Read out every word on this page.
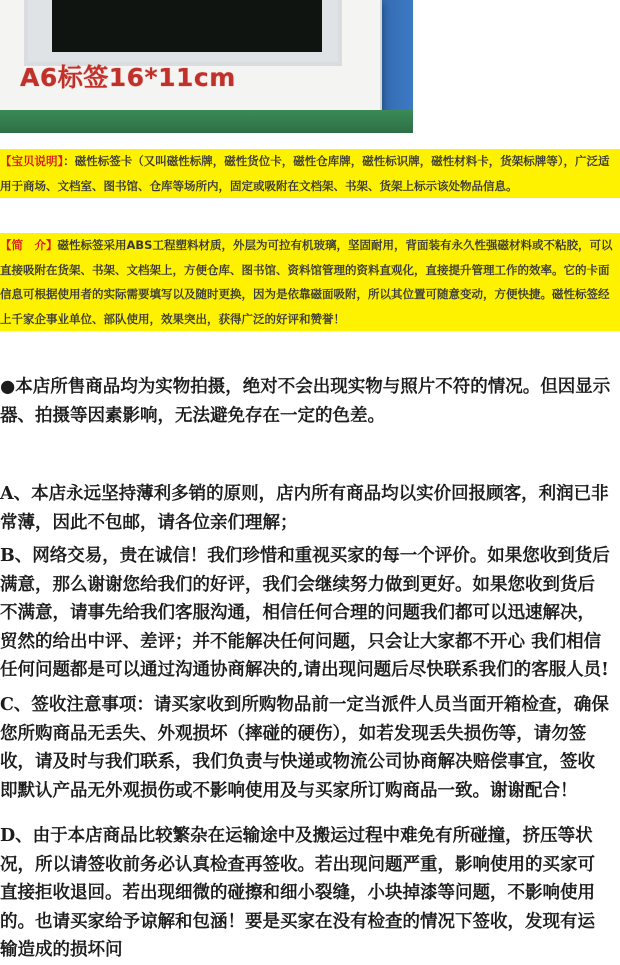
A6标签16*11cm
【宝贝说明】：磁性标签卡（又叫磁性标牌，磁性货位卡，磁性仓库牌，磁性标识牌，磁性材料卡，货架标牌等），广泛适用于商场、文档室、图书馆、仓库等场所内，固定或吸附在文档架、书架、货架上标示该处物品信息。
【简　介】磁性标签采用ABS工程塑料材质，外层为可拉有机玻璃，坚固耐用，背面装有永久性强磁材料或不粘胶，可以直接吸附在货架、书架、文档架上，方便仓库、图书馆、资料馆管理的资料直观化，直接提升管理工作的效率。它的卡面信息可根据使用者的实际需要填写以及随时更换，因为是依靠磁面吸附，所以其位置可随意变动，方便快捷。磁性标签经上千家企事业单位、部队使用，效果突出，获得广泛的好评和赞誉！

●本店所售商品均为实物拍摄，绝对不会出现实物与照片不符的情况。但因显示器、拍摄等因素影响，无法避免存在一定的色差。

A、本店永远坚持薄利多销的原则，店内所有商品均以实价回报顾客，利润已非常薄，因此不包邮，请各位亲们理解；

B、网络交易，贵在诚信！我们珍惜和重视买家的每一个评价。如果您收到货后满意，那么谢谢您给我们的好评，我们会继续努力做到更好。如果您收到货后不满意，请事先给我们客服沟通，相信任何合理的问题我们都可以迅速解决，贸然的给出中评、差评；并不能解决任何问题，只会让大家都不开心 我们相信任何问题都是可以通过沟通协商解决的,请出现问题后尽快联系我们的客服人员!

C、签收注意事项：请买家收到所购物品前一定当派件人员当面开箱检查，确保您所购商品无丢失、外观损坏（摔碰的硬伤），如若发现丢失损伤等，请勿签收，请及时与我们联系，我们负责与快递或物流公司协商解决赔偿事宜，签收即默认产品无外观损伤或不影响使用及与买家所订购商品一致。谢谢配合！

D、由于本店商品比较繁杂在运输途中及搬运过程中难免有所碰撞，挤压等状况，所以请签收前务必认真检查再签收。若出现问题严重，影响使用的买家可直接拒收退回。若出现细微的碰擦和细小裂缝，小块掉漆等问题，不影响使用的。也请买家给予谅解和包涵！要是买家在没有检查的情况下签收，发现有运输造成的损坏问
